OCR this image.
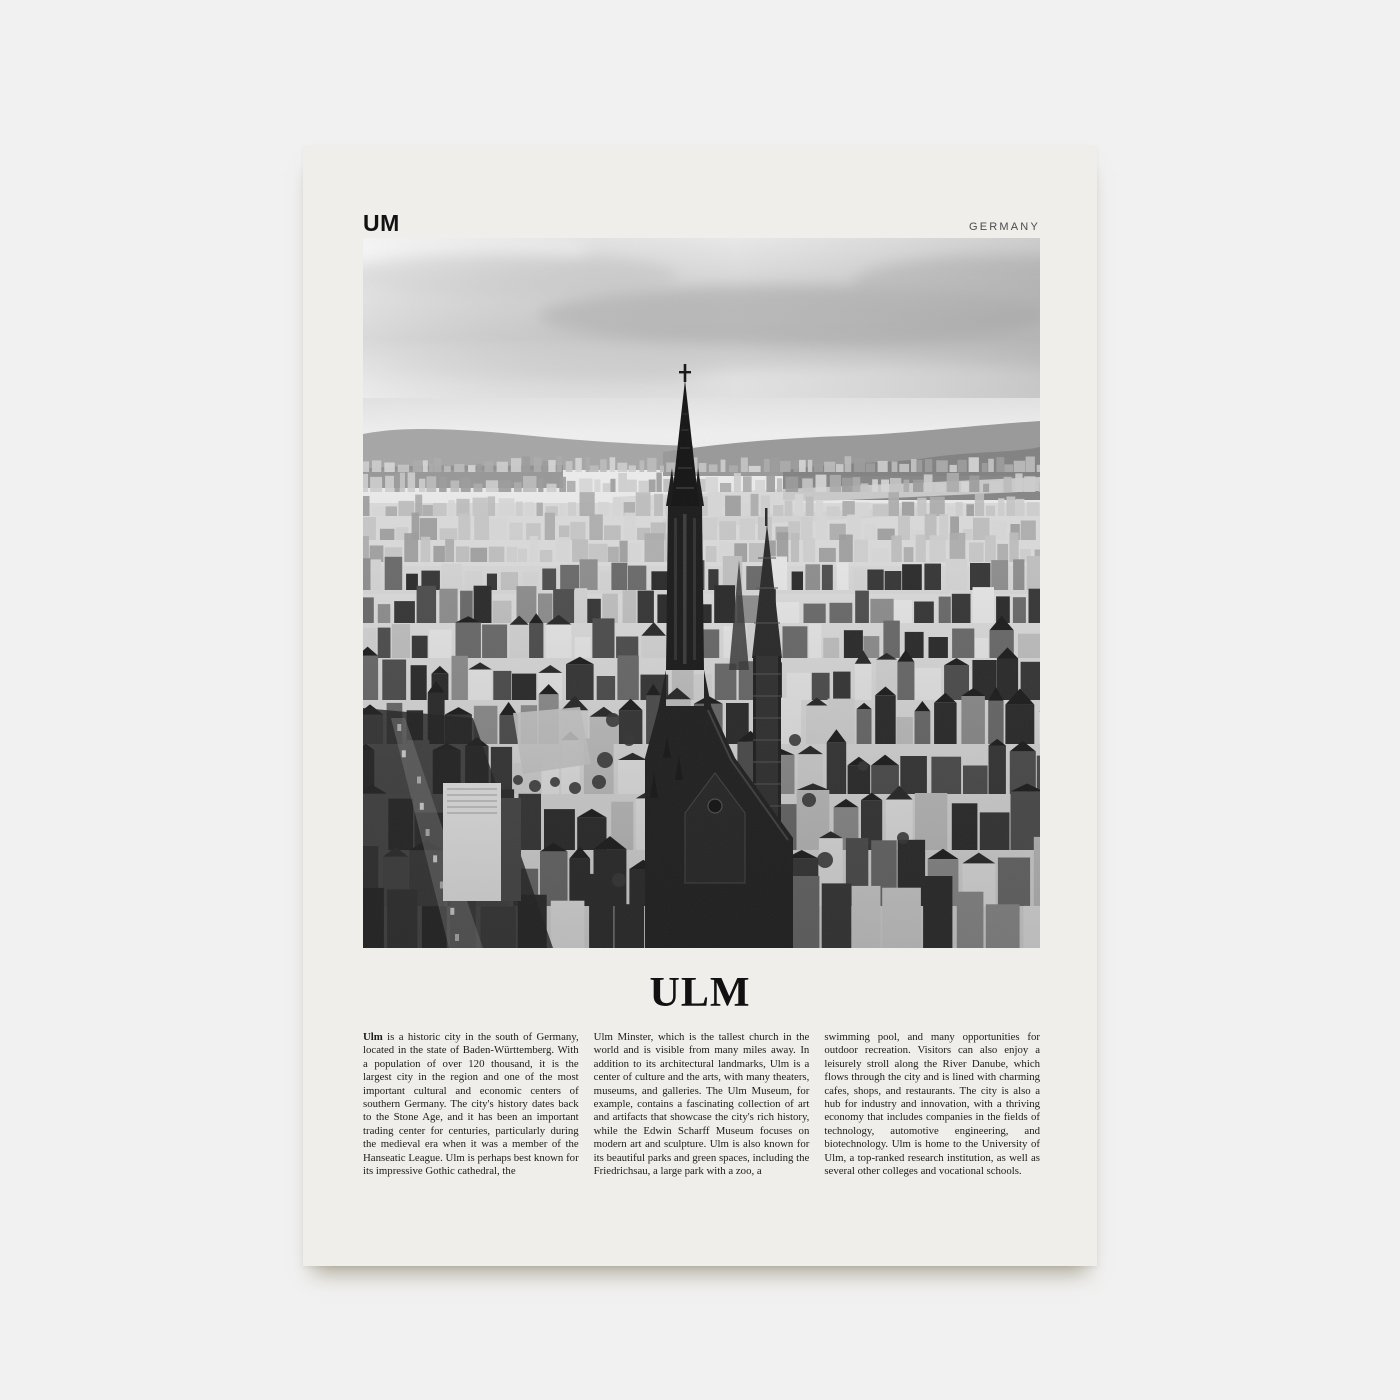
UM	GERMANY
ULM

Ulm is a historic city in the south of Germany, located in the state of Baden-Württemberg. With a population of over 120 thousand, it is the largest city in the region and one of the most important cultural and economic centers of southern Germany. The city's history dates back to the Stone Age, and it has been an important trading center for centuries, particularly during the medieval era when it was a member of the Hanseatic League. Ulm is perhaps best known for its impressive Gothic cathedral, the

Ulm Minster, which is the tallest church in the world and is visible from many miles away. In addition to its architectural landmarks, Ulm is a center of culture and the arts, with many theaters, museums, and galleries. The Ulm Museum, for example, contains a fascinating collection of art and artifacts that showcase the city's rich history, while the Edwin Scharff Museum focuses on modern art and sculpture. Ulm is also known for its beautiful parks and green spaces, including the Friedrichsau, a large park with a zoo, a

swimming pool, and many opportunities for outdoor recreation. Visitors can also enjoy a leisurely stroll along the River Danube, which flows through the city and is lined with charming cafes, shops, and restaurants. The city is also a hub for industry and innovation, with a thriving economy that includes companies in the fields of technology, automotive engineering, and biotechnology. Ulm is home to the University of Ulm, a top-ranked research institution, as well as several other colleges and vocational schools.
